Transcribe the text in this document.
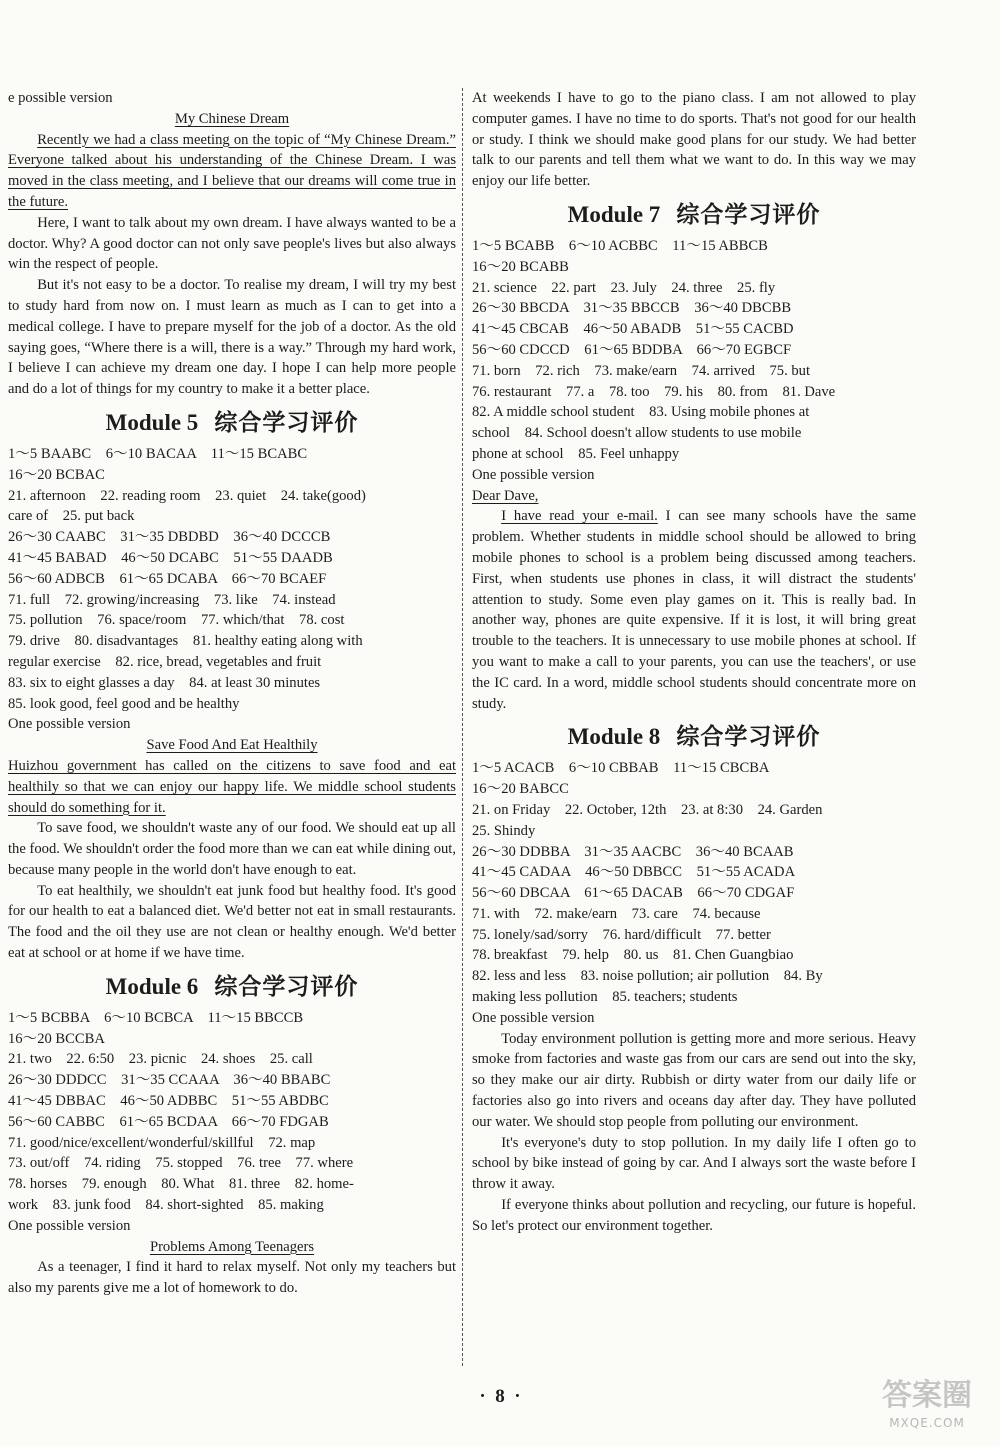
e possible version

My Chinese Dream

Recently we had a class meeting on the topic of “My Chinese Dream.” Everyone talked about his understanding of the Chinese Dream. I was moved in the class meeting, and I believe that our dreams will come true in the future.

Here, I want to talk about my own dream. I have always wanted to be a doctor. Why? A good doctor can not only save people's lives but also always win the respect of people.

But it's not easy to be a doctor. To realise my dream, I will try my best to study hard from now on. I must learn as much as I can to get into a medical college. I have to prepare myself for the job of a doctor. As the old saying goes, “Where there is a will, there is a way.” Through my hard work, I believe I can achieve my dream one day. I hope I can help more people and do a lot of things for my country to make it a better place.

Module 5 综合学习评价

1～5 BAABC　6～10 BACAA　11～15 BCABC

16～20 BCBAC

21. afternoon　22. reading room　23. quiet　24. take(good)

care of　25. put back

26～30 CAABC　31～35 DBDBD　36～40 DCCCB

41～45 BABAD　46～50 DCABC　51～55 DAADB

56～60 ADBCB　61～65 DCABA　66～70 BCAEF

71. full　72. growing/increasing　73. like　74. instead

75. pollution　76. space/room　77. which/that　78. cost

79. drive　80. disadvantages　81. healthy eating along with

regular exercise　82. rice, bread, vegetables and fruit

83. six to eight glasses a day　84. at least 30 minutes

85. look good, feel good and be healthy

One possible version

Save Food And Eat Healthily

Huizhou government has called on the citizens to save food and eat healthily so that we can enjoy our happy life. We middle school students should do something for it.

To save food, we shouldn't waste any of our food. We should eat up all the food. We shouldn't order the food more than we can eat while dining out, because many people in the world don't have enough to eat.

To eat healthily, we shouldn't eat junk food but healthy food. It's good for our health to eat a balanced diet. We'd better not eat in small restaurants. The food and the oil they use are not clean or healthy enough. We'd better eat at school or at home if we have time.

Module 6 综合学习评价

1～5 BCBBA　6～10 BCBCA　11～15 BBCCB

16～20 BCCBA

21. two　22. 6:50　23. picnic　24. shoes　25. call

26～30 DDDCC　31～35 CCAAA　36～40 BBABC

41～45 DBBAC　46～50 ADBBC　51～55 ABDBC

56～60 CABBC　61～65 BCDAA　66～70 FDGAB

71. good/nice/excellent/wonderful/skillful　72. map

73. out/off　74. riding　75. stopped　76. tree　77. where

78. horses　79. enough　80. What　81. three　82. home-

work　83. junk food　84. short-sighted　85. making

One possible version

Problems Among Teenagers

As a teenager, I find it hard to relax myself. Not only my teachers but also my parents give me a lot of homework to do.

At weekends I have to go to the piano class. I am not allowed to play computer games. I have no time to do sports. That's not good for our health or study. I think we should make good plans for our study. We had better talk to our parents and tell them what we want to do. In this way we may enjoy our life better.

Module 7 综合学习评价

1～5 BCABB　6～10 ACBBC　11～15 ABBCB

16～20 BCABB

21. science　22. part　23. July　24. three　25. fly

26～30 BBCDA　31～35 BBCCB　36～40 DBCBB

41～45 CBCAB　46～50 ABADB　51～55 CACBD

56～60 CDCCD　61～65 BDDBA　66～70 EGBCF

71. born　72. rich　73. make/earn　74. arrived　75. but

76. restaurant　77. a　78. too　79. his　80. from　81. Dave

82. A middle school student　83. Using mobile phones at

school　84. School doesn't allow students to use mobile

phone at school　85. Feel unhappy

One possible version

Dear Dave,

I have read your e-mail. I can see many schools have the same problem. Whether students in middle school should be allowed to bring mobile phones to school is a problem being discussed among teachers. First, when students use phones in class, it will distract the students' attention to study. Some even play games on it. This is really bad. In another way, phones are quite expensive. If it is lost, it will bring great trouble to the teachers. It is unnecessary to use mobile phones at school. If you want to make a call to your parents, you can use the teachers', or use the IC card. In a word, middle school students should concentrate more on study.

Module 8 综合学习评价

1～5 ACACB　6～10 CBBAB　11～15 CBCBA

16～20 BABCC

21. on Friday　22. October, 12th　23. at 8:30　24. Garden

25. Shindy

26～30 DDBBA　31～35 AACBC　36～40 BCAAB

41～45 CADAA　46～50 DBBCC　51～55 ACADA

56～60 DBCAA　61～65 DACAB　66～70 CDGAF

71. with　72. make/earn　73. care　74. because

75. lonely/sad/sorry　76. hard/difficult　77. better

78. breakfast　79. help　80. us　81. Chen Guangbiao

82. less and less　83. noise pollution; air pollution　84. By

making less pollution　85. teachers; students

One possible version

Today environment pollution is getting more and more serious. Heavy smoke from factories and waste gas from our cars are send out into the sky, so they make our air dirty. Rubbish or dirty water from our daily life or factories also go into rivers and oceans day after day. They have polluted our water. We should stop people from polluting our environment.

It's everyone's duty to stop pollution. In my daily life I often go to school by bike instead of going by car. And I always sort the waste before I throw it away.

If everyone thinks about pollution and recycling, our future is hopeful. So let's protect our environment together.

·  8  ·	答案圈
MXQE.COM
